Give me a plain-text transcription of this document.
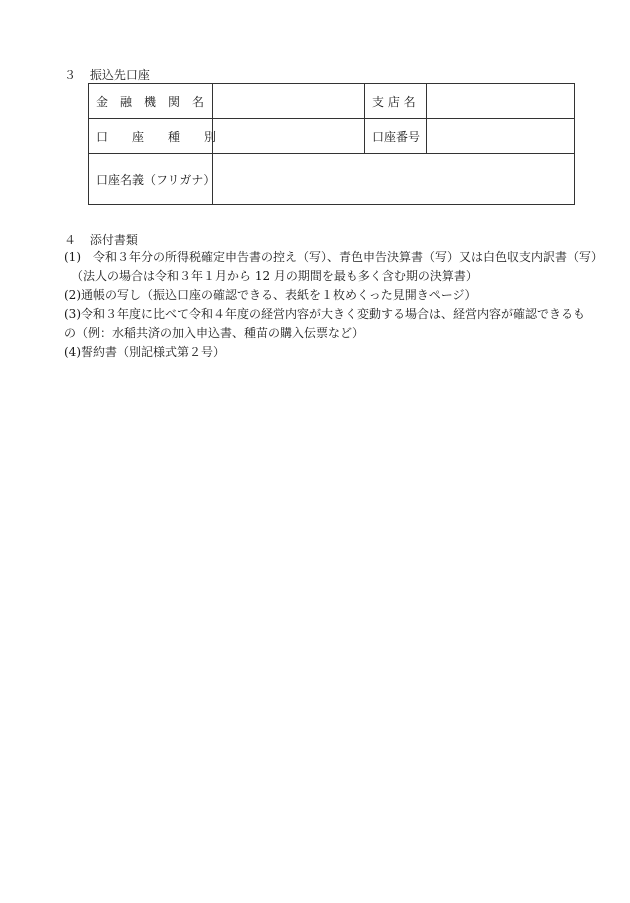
３ 振込先口座
金　融　機　関　名		支 店 名	
口　　座　　種　　別		口座番号	
口座名義（フリガナ）			
４ 添付書類
(1)　令和３年分の所得税確定申告書の控え（写）、青色申告決算書（写）又は白色収支内訳書（写）
（法人の場合は令和３年１月から 12 月の期間を最も多く含む期の決算書）
(2)通帳の写し（振込口座の確認できる、表紙を１枚めくった見開きページ）
(3)令和３年度に比べて令和４年度の経営内容が大きく変動する場合は、経営内容が確認できるも
の（例：水稲共済の加入申込書、種苗の購入伝票など）
(4)誓約書（別記様式第２号）
